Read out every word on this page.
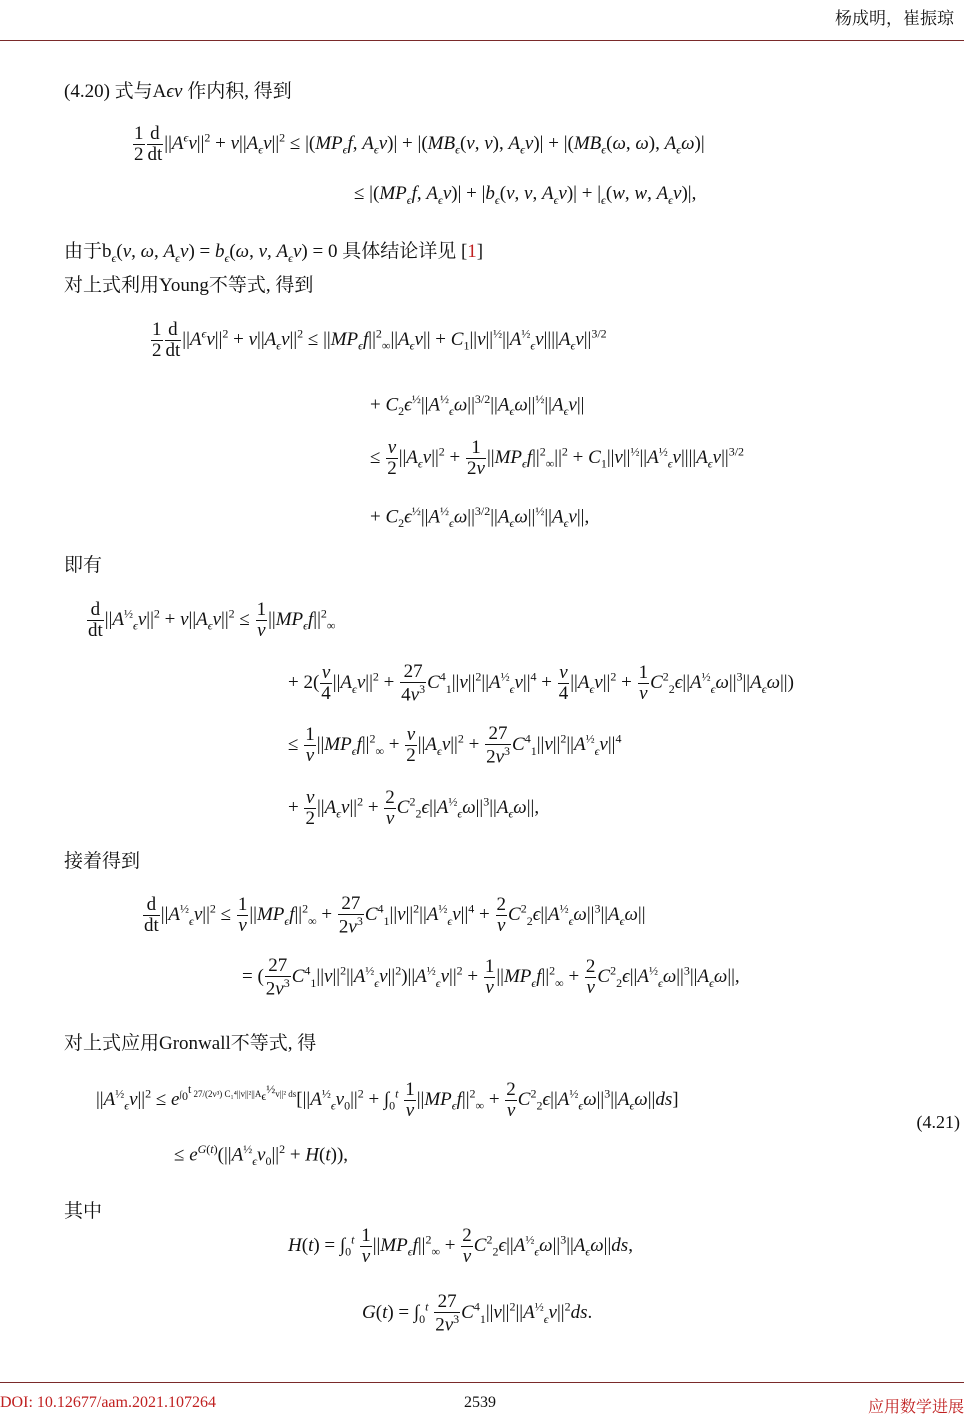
杨成明，崔振琼
(4.20) 式与Aϵv 作内积, 得到
$\frac{1}{2} \frac{d}{dt} ||A^\epsilon v||^2 + \nu||A_\epsilon v||^2 \le |(MP_\epsilon f$, $A_\epsilon v)| + |(MB_\epsilon(v$, v), $A_\epsilon v)| + |(MB_\epsilon(\omega$, ω), $A_\epsilon\omega)|$
≤ $|(MP_\epsilon f$, $A_\epsilon v)| + |b_\epsilon(v$, v, $A_\epsilon v)| + |_\epsilon(w$, w, $A_\epsilon v)|$,
由于$b_\epsilon(v$, ω, $A_\epsilon v) = b_\epsilon(\omega$, v, $A_\epsilon v) = 0$ 具体结论详见 [1]
对上式利用Young不等式, 得到
$\frac{1}{2} \frac{d}{dt} ||A^\epsilon v||^2 + \nu||A_\epsilon v||^2 \le ||MP_\epsilon f||^2_\infty||A_\epsilon v|| + C_1||v||^{\frac{1}{2}}||A^{\frac{1}{2}}_\epsilon v||||A_\epsilon v||^{3/2}$
+ $C_2\epsilon^{\frac{1}{2}}||A^{\frac{1}{2}}_\epsilon\omega||^{3/2}||A_\epsilon\omega||^{\frac{1}{2}}||A_\epsilon v||$
≤ $\frac{\nu}{2} ||A_\epsilon v||^2 + \frac{1}{2\nu} ||MP_\epsilon f||^2_\infty||^2 + C_1||v||^{\frac{1}{2}}||A^{\frac{1}{2}}_\epsilon v||||A_\epsilon v||^{3/2}$
+ $C_2\epsilon^{\frac{1}{2}}||A^{\frac{1}{2}}_\epsilon\omega||^{3/2}||A_\epsilon\omega||^{\frac{1}{2}}||A_\epsilon v||$,
即有
$\frac{d}{dt} ||A^{\frac{1}{2}}_\epsilon v||^2 + \nu||A_\epsilon v||^2 \le \frac{1}{\nu} ||MP_\epsilon f||^2_\infty$
+ $2( \frac{\nu}{4} ||A_\epsilon v||^2 + \frac{27}{4\nu^3} C^4_1||v||^2||A^{\frac{1}{2}}_\epsilon v||^4 + \frac{\nu}{4} ||A_\epsilon v||^2 + \frac{1}{\nu} C^2_2\epsilon||A^{\frac{1}{2}}_\epsilon\omega||^3||A_\epsilon\omega||)$
≤ $\frac{1}{\nu} ||MP_\epsilon f||^2_\infty + \frac{\nu}{2} ||A_\epsilon v||^2 + \frac{27}{2\nu^3} C^4_1||v||^2||A^{\frac{1}{2}}_\epsilon v||^4$
+ $\frac{\nu}{2} ||A_\epsilon v||^2 + \frac{2}{\nu} C^2_2\epsilon||A^{\frac{1}{2}}_\epsilon\omega||^3||A_\epsilon\omega||$,
接着得到
$\frac{d}{dt} ||A^{\frac{1}{2}}_\epsilon v||^2 \le \frac{1}{\nu} ||MP_\epsilon f||^2_\infty + \frac{27}{2\nu^3} C^4_1||v||^2||A^{\frac{1}{2}}_\epsilon v||^4 + \frac{2}{\nu} C^2_2\epsilon||A^{\frac{1}{2}}_\epsilon\omega||^3||A_\epsilon\omega||$
= ( $\frac{27}{2\nu^3} C^4_1||v||^2||A^{\frac{1}{2}}_\epsilon v||^2)||A^{\frac{1}{2}}_\epsilon v||^2 + \frac{1}{\nu} ||MP_\epsilon f||^2_\infty + \frac{2}{\nu} C^2_2\epsilon||A^{\frac{1}{2}}_\epsilon\omega||^3||A_\epsilon\omega||$,
对上式应用Gronwall不等式, 得
$||A^{\frac{1}{2}}_\epsilon v||^2 \le e^{\int_0^t 27/(2\nu^3) C_1^4||v||^2||A_\epsilon^{\frac{1}{2}}v||^2 ds}[||A^{\frac{1}{2}}_\epsilon v_0||^2 + \int_0^t \frac{1}{\nu} ||MP_\epsilon f||^2_\infty + \frac{2}{\nu} C^2_2\epsilon||A^{\frac{1}{2}}_\epsilon\omega||^3||A_\epsilon\omega||ds]$
(4.21)
≤ $e^{G(t)}(||A^{\frac{1}{2}}_\epsilon v_0||^2 + H(t))$,
其中
$H(t) = \int_0^t \frac{1}{\nu} ||MP_\epsilon f||^2_\infty + \frac{2}{\nu} C^2_2\epsilon||A^{\frac{1}{2}}_\epsilon\omega||^3||A_\epsilon\omega||ds$,
$G(t) = \int_0^t \frac{27}{2\nu^3} C^4_1||v||^2||A^{\frac{1}{2}}_\epsilon v||^2ds$.
DOI: 10.12677/aam.2021.107264	2539	应用数学进展
